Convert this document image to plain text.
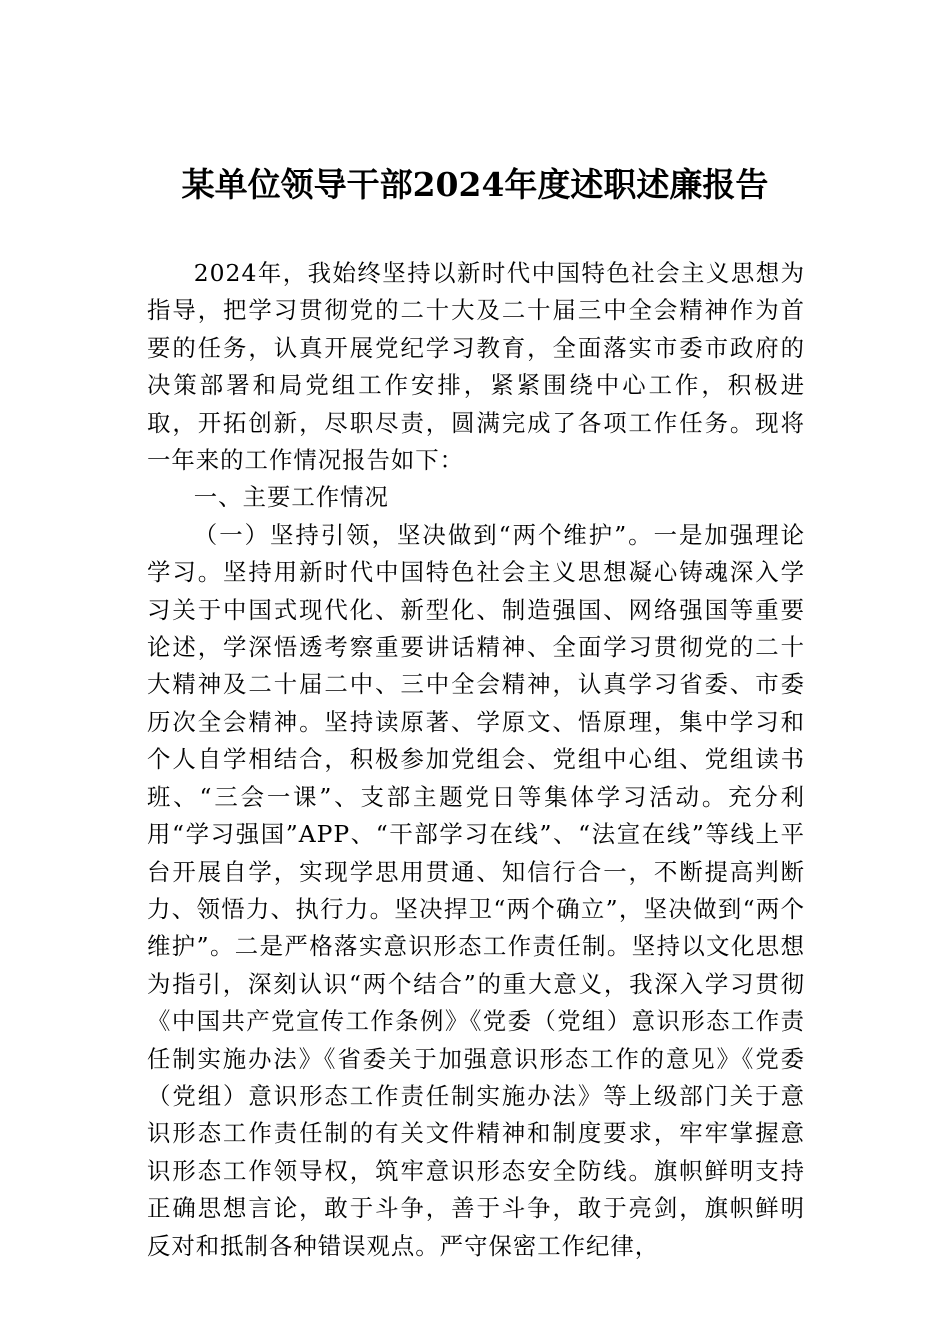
某单位领导干部2024年度述职述廉报告

2024年，我始终坚持以新时代中国特色社会主义思想为指导，把学习贯彻党的二十大及二十届三中全会精神作为首要的任务，认真开展党纪学习教育，全面落实市委市政府的决策部署和局党组工作安排，紧紧围绕中心工作，积极进取，开拓创新，尽职尽责，圆满完成了各项工作任务。现将一年来的工作情况报告如下：

一、主要工作情况

（一）坚持引领，坚决做到“两个维护”。一是加强理论学习。坚持用新时代中国特色社会主义思想凝心铸魂深入学习关于中国式现代化、新型化、制造强国、网络强国等重要论述，学深悟透考察重要讲话精神、全面学习贯彻党的二十大精神及二十届二中、三中全会精神，认真学习省委、市委历次全会精神。坚持读原著、学原文、悟原理，集中学习和个人自学相结合，积极参加党组会、党组中心组、党组读书班、“三会一课”、支部主题党日等集体学习活动。充分利用“学习强国”APP、“干部学习在线”、“法宣在线”等线上平台开展自学，实现学思用贯通、知信行合一，不断提高判断力、领悟力、执行力。坚决捍卫“两个确立”，坚决做到“两个维护”。二是严格落实意识形态工作责任制。坚持以文化思想为指引，深刻认识“两个结合”的重大意义，我深入学习贯彻《中国共产党宣传工作条例》《党委（党组）意识形态工作责任制实施办法》《省委关于加强意识形态工作的意见》《党委（党组）意识形态工作责任制实施办法》等上级部门关于意识形态工作责任制的有关文件精神和制度要求，牢牢掌握意识形态工作领导权，筑牢意识形态安全防线。旗帜鲜明支持正确思想言论，敢于斗争，善于斗争，敢于亮剑，旗帜鲜明反对和抵制各种错误观点。严守保密工作纪律，
